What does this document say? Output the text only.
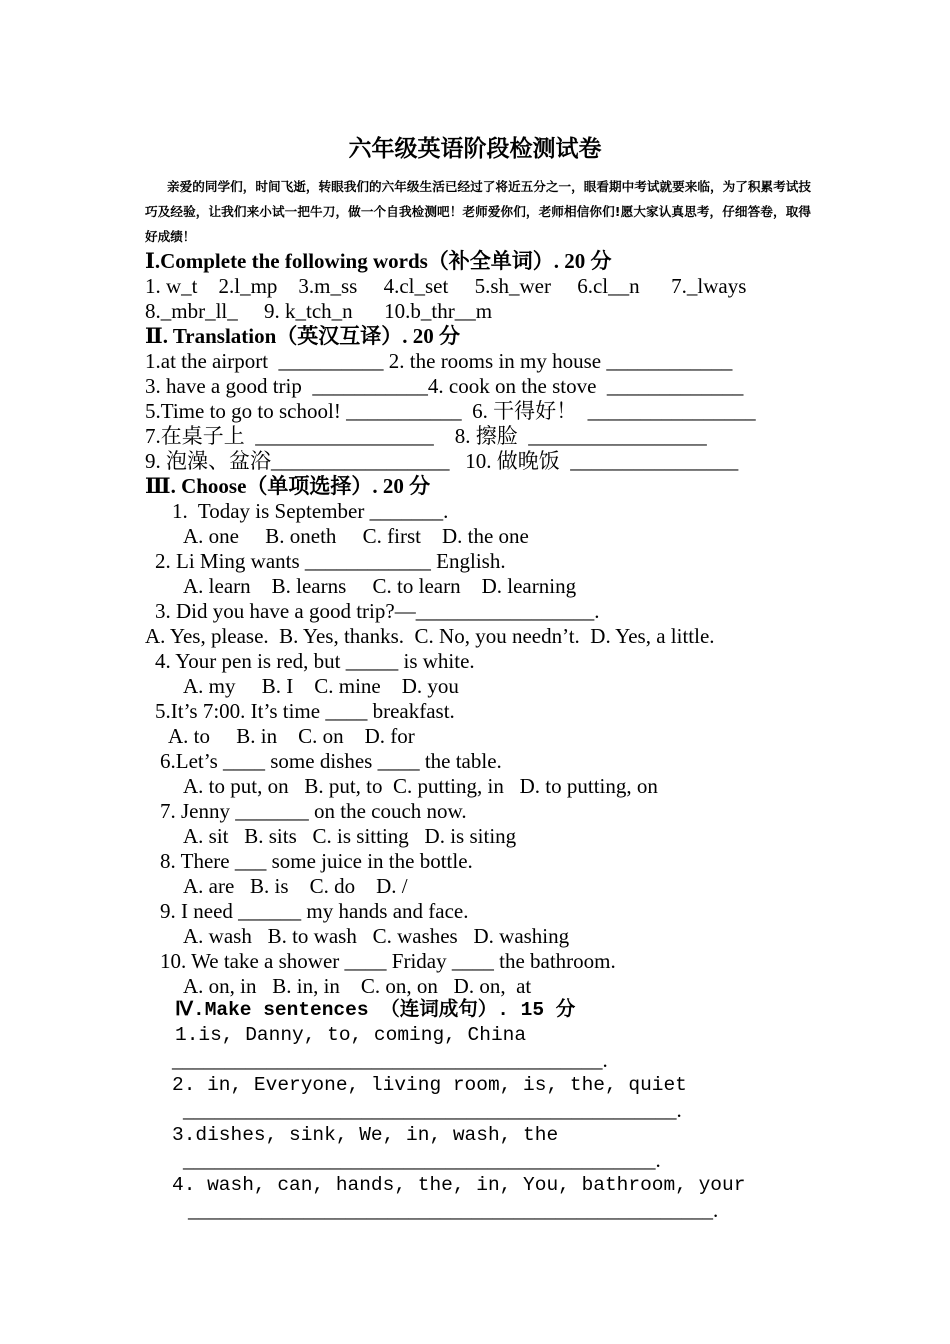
六年级英语阶段检测试卷
亲爱的同学们，时间飞逝，转眼我们的六年级生活已经过了将近五分之一，眼看期中考试就要来临，为了积累考试技巧及经验，让我们来小试一把牛刀，做一个自我检测吧！老师爱你们，老师相信你们!愿大家认真思考，仔细答卷，取得好成绩！
Ⅰ.Complete the following words（补全单词）. 20 分
1. w_t    2.l_mp    3.m_ss     4.cl_set     5.sh_wer     6.cl__n      7._lways
8._mbr_ll_     9. k_tch_n      10.b_thr__m
Ⅱ. Translation（英汉互译）. 20 分
1.at the airport  __________ 2. the rooms in my house ____________
3. have a good trip  ___________4. cook on the stove  _____________
5.Time to go to school! ___________  6. 干得好！  ________________
7.在桌子上  _________________    8. 擦脸  _________________
9. 泡澡、盆浴_________________   10. 做晚饭  ________________
Ⅲ. Choose（单项选择）. 20 分
1.  Today is September _______.
A. one     B. oneth     C. first    D. the one
2. Li Ming wants ____________ English.
A. learn    B. learns     C. to learn    D. learning
3. Did you have a good trip?—_________________.
A. Yes, please.  B. Yes, thanks.  C. No, you needn’t.  D. Yes, a little.
4. Your pen is red, but _____ is white.
A. my     B. I    C. mine    D. you
5.It’s 7:00. It’s time ____ breakfast.
A. to     B. in    C. on    D. for
6.Let’s ____ some dishes ____ the table.
A. to put, on   B. put, to  C. putting, in   D. to putting, on
7. Jenny _______ on the couch now.
A. sit   B. sits   C. is sitting   D. is siting
8. There ___ some juice in the bottle.
A. are   B. is    C. do    D. /
9. I need ______ my hands and face.
A. wash   B. to wash   C. washes   D. washing
10. We take a shower ____ Friday ____ the bathroom.
A. on, in   B. in, in    C. on, on   D. on,  at
Ⅳ.Make sentences （连词成句）. 15 分
1.is, Danny, to, coming, China
_________________________________________.
2. in, Everyone, living room, is, the, quiet
_______________________________________________.
3.dishes, sink, We, in, wash, the
_____________________________________________.
4. wash, can, hands, the, in, You, bathroom, your
__________________________________________________.
